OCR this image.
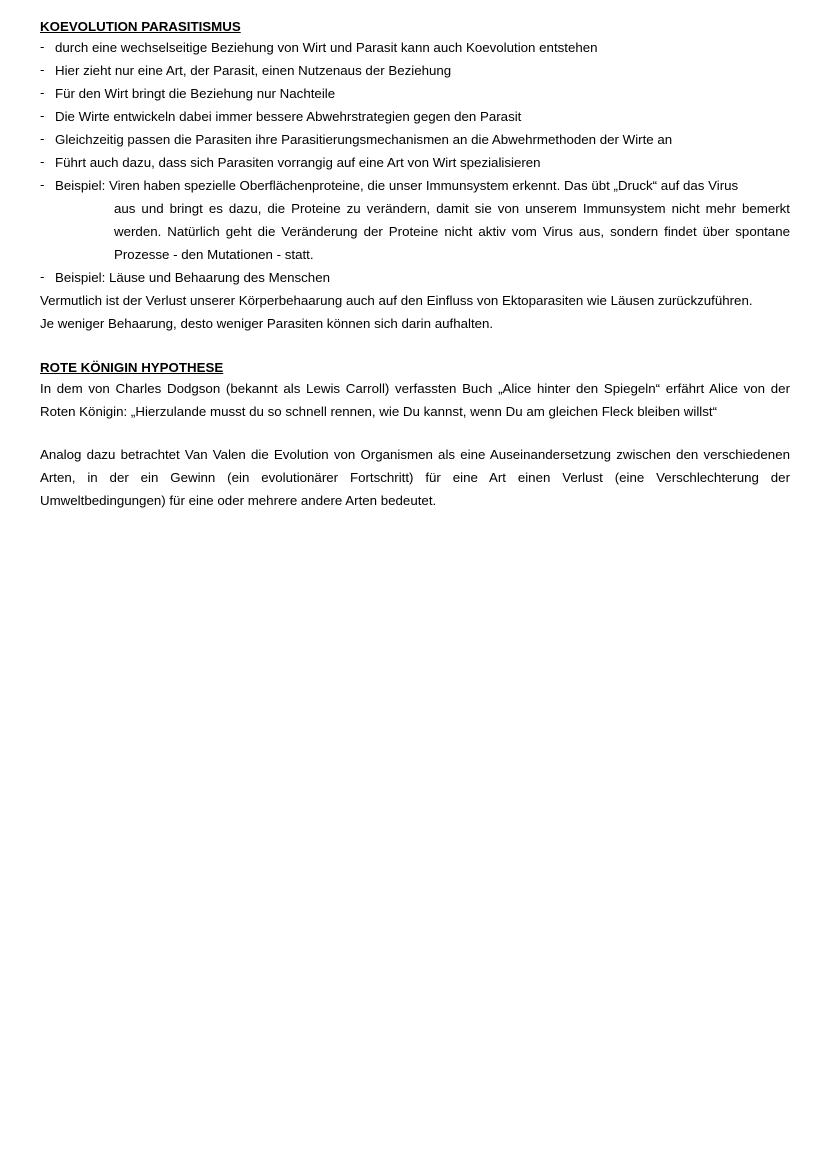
KOEVOLUTION PARASITISMUS
- durch eine wechselseitige Beziehung von Wirt und Parasit kann auch Koevolution entstehen
- Hier zieht nur eine Art, der Parasit, einen Nutzenaus der Beziehung
- Für den Wirt bringt die Beziehung nur Nachteile
- Die Wirte entwickeln dabei immer bessere Abwehrstrategien gegen den Parasit
- Gleichzeitig passen die Parasiten ihre Parasitierungsmechanismen an die Abwehrmethoden der Wirte an
- Führt auch dazu, dass sich Parasiten vorrangig auf eine Art von Wirt spezialisieren
- Beispiel: Viren haben spezielle Oberflächenproteine, die unser Immunsystem erkennt. Das übt „Druck“ auf das Virus
aus und bringt es dazu, die Proteine zu verändern, damit sie von unserem Immunsystem nicht mehr bemerkt werden. Natürlich geht die Veränderung der Proteine nicht aktiv vom Virus aus, sondern findet über spontane Prozesse - den Mutationen - statt.
- Beispiel: Läuse und Behaarung des Menschen

Vermutlich ist der Verlust unserer Körperbehaarung auch auf den Einfluss von Ektoparasiten wie Läusen zurückzuführen.

Je weniger Behaarung, desto weniger Parasiten können sich darin aufhalten.

ROTE KÖNIGIN HYPOTHESE

In dem von Charles Dodgson (bekannt als Lewis Carroll) verfassten Buch „Alice hinter den Spiegeln“ erfährt Alice von der Roten Königin: „Hierzulande musst du so schnell rennen, wie Du kannst, wenn Du am gleichen Fleck bleiben willst“

Analog dazu betrachtet Van Valen die Evolution von Organismen als eine Auseinandersetzung zwischen den verschiedenen Arten, in der ein Gewinn (ein evolutionärer Fortschritt) für eine Art einen Verlust (eine Verschlechterung der Umweltbedingungen) für eine oder mehrere andere Arten bedeutet.
